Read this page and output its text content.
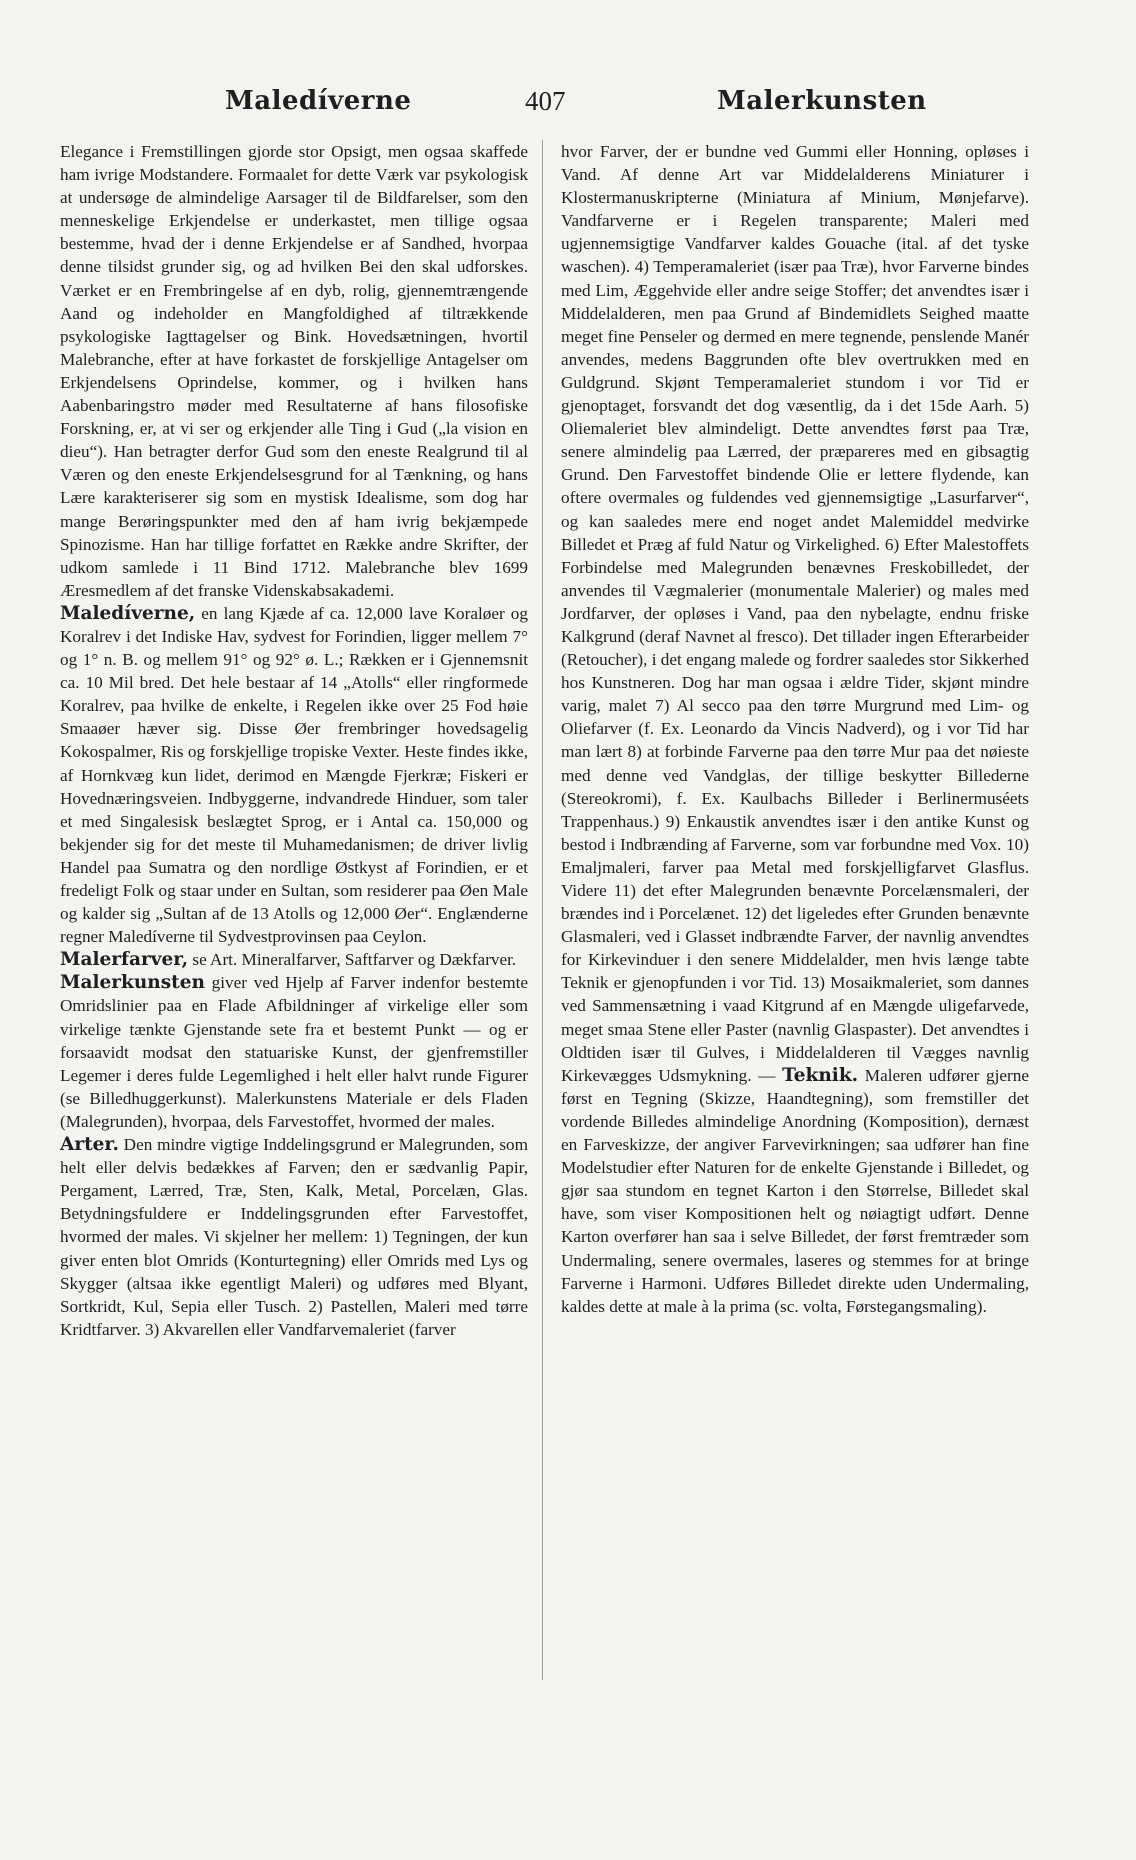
Maledíverne	407	Malerkunsten

Elegance i Fremstillingen gjorde stor Opsigt, men ogsaa skaffede ham ivrige Modstandere. Formaalet for dette Værk var psykologisk at undersøge de almindelige Aarsager til de Bildfarelser, som den menneskelige Erkjendelse er underkastet, men tillige ogsaa bestemme, hvad der i denne Erkjendelse er af Sandhed, hvorpaa denne tilsidst grunder sig, og ad hvilken Bei den skal udforskes. Værket er en Frembringelse af en dyb, rolig, gjennemtrængende Aand og indeholder en Mangfoldighed af tiltrækkende psykologiske Iagttagelser og Bink. Hovedsætningen, hvortil Malebranche, efter at have forkastet de forskjellige Antagelser om Erkjendelsens Oprindelse, kommer, og i hvilken hans Aabenbaringstro møder med Resultaterne af hans filosofiske Forskning, er, at vi ser og erkjender alle Ting i Gud („la vision en dieu“). Han betragter derfor Gud som den eneste Realgrund til al Væren og den eneste Erkjendelsesgrund for al Tænkning, og hans Lære karakteriserer sig som en mystisk Idealisme, som dog har mange Berøringspunkter med den af ham ivrig bekjæmpede Spinozisme. Han har tillige forfattet en Række andre Skrifter, der udkom samlede i 11 Bind 1712. Malebranche blev 1699 Æresmedlem af det franske Videnskabsakademi.

Maledíverne, en lang Kjæde af ca. 12,000 lave Koraløer og Koralrev i det Indiske Hav, sydvest for Forindien, ligger mellem 7° og 1° n. B. og mellem 91° og 92° ø. L.; Rækken er i Gjennemsnit ca. 10 Mil bred. Det hele bestaar af 14 „Atolls“ eller ringformede Koralrev, paa hvilke de enkelte, i Regelen ikke over 25 Fod høie Smaaøer hæver sig. Disse Øer frembringer hovedsagelig Kokospalmer, Ris og forskjellige tropiske Vexter. Heste findes ikke, af Hornkvæg kun lidet, derimod en Mængde Fjerkræ; Fiskeri er Hovednæringsveien. Indbyggerne, indvandrede Hinduer, som taler et med Singalesisk beslægtet Sprog, er i Antal ca. 150,000 og bekjender sig for det meste til Muhamedanismen; de driver livlig Handel paa Sumatra og den nordlige Østkyst af Forindien, er et fredeligt Folk og staar under en Sultan, som residerer paa Øen Male og kalder sig „Sultan af de 13 Atolls og 12,000 Øer“. Englænderne regner Maledíverne til Sydvestprovinsen paa Ceylon.

Malerfarver, se Art. Mineralfarver, Saftfarver og Dækfarver.

Malerkunsten giver ved Hjelp af Farver indenfor bestemte Omridslinier paa en Flade Afbildninger af virkelige eller som virkelige tænkte Gjenstande sete fra et bestemt Punkt — og er forsaavidt modsat den statuariske Kunst, der gjenfremstiller Legemer i deres fulde Legemlighed i helt eller halvt runde Figurer (se Billedhuggerkunst). Malerkunstens Materiale er dels Fladen (Malegrunden), hvorpaa, dels Farvestoffet, hvormed der males.

Arter. Den mindre vigtige Inddelingsgrund er Malegrunden, som helt eller delvis bedækkes af Farven; den er sædvanlig Papir, Pergament, Lærred, Træ, Sten, Kalk, Metal, Porcelæn, Glas. Betydningsfuldere er Inddelingsgrunden efter Farvestoffet, hvormed der males. Vi skjelner her mellem: 1) Tegningen, der kun giver enten blot Omrids (Konturtegning) eller Omrids med Lys og Skygger (altsaa ikke egentligt Maleri) og udføres med Blyant, Sortkridt, Kul, Sepia eller Tusch. 2) Pastellen, Maleri med tørre Kridtfarver. 3) Akvarellen eller Vandfarvemaleriet (farver

hvor Farver, der er bundne ved Gummi eller Honning, opløses i Vand. Af denne Art var Middelalderens Miniaturer i Klostermanuskripterne (Miniatura af Minium, Mønjefarve). Vandfarverne er i Regelen transparente; Maleri med ugjennemsigtige Vandfarver kaldes Gouache (ital. af det tyske waschen). 4) Temperamaleriet (især paa Træ), hvor Farverne bindes med Lim, Æggehvide eller andre seige Stoffer; det anvendtes især i Middelalderen, men paa Grund af Bindemidlets Seighed maatte meget fine Penseler og dermed en mere tegnende, penslende Manér anvendes, medens Baggrunden ofte blev overtrukken med en Guldgrund. Skjønt Temperamaleriet stundom i vor Tid er gjenoptaget, forsvandt det dog væsentlig, da i det 15de Aarh. 5) Oliemaleriet blev almindeligt. Dette anvendtes først paa Træ, senere almindelig paa Lærred, der præpareres med en gibsagtig Grund. Den Farvestoffet bindende Olie er lettere flydende, kan oftere overmales og fuldendes ved gjennemsigtige „Lasurfarver“, og kan saaledes mere end noget andet Malemiddel medvirke Billedet et Præg af fuld Natur og Virkelighed. 6) Efter Malestoffets Forbindelse med Malegrunden benævnes Freskobilledet, der anvendes til Vægmalerier (monumentale Malerier) og males med Jordfarver, der opløses i Vand, paa den nybelagte, endnu friske Kalkgrund (deraf Navnet al fresco). Det tillader ingen Efterarbeider (Retoucher), i det engang malede og fordrer saaledes stor Sikkerhed hos Kunstneren. Dog har man ogsaa i ældre Tider, skjønt mindre varig, malet 7) Al secco paa den tørre Murgrund med Lim- og Oliefarver (f. Ex. Leonardo da Vincis Nadverd), og i vor Tid har man lært 8) at forbinde Farverne paa den tørre Mur paa det nøieste med denne ved Vandglas, der tillige beskytter Billederne (Stereokromi), f. Ex. Kaulbachs Billeder i Berlinermuséets Trappenhaus.) 9) Enkaustik anvendtes især i den antike Kunst og bestod i Indbrænding af Farverne, som var forbundne med Vox. 10) Emaljmaleri, farver paa Metal med forskjelligfarvet Glasflus. Videre 11) det efter Malegrunden benævnte Porcelænsmaleri, der brændes ind i Porcelænet. 12) det ligeledes efter Grunden benævnte Glasmaleri, ved i Glasset indbrændte Farver, der navnlig anvendtes for Kirkevinduer i den senere Middelalder, men hvis længe tabte Teknik er gjenopfunden i vor Tid. 13) Mosaikmaleriet, som dannes ved Sammensætning i vaad Kitgrund af en Mængde uligefarvede, meget smaa Stene eller Paster (navnlig Glaspaster). Det anvendtes i Oldtiden især til Gulves, i Middelalderen til Vægges navnlig Kirkevægges Udsmykning. — Teknik. Maleren udfører gjerne først en Tegning (Skizze, Haandtegning), som fremstiller det vordende Billedes almindelige Anordning (Komposition), dernæst en Farveskizze, der angiver Farvevirkningen; saa udfører han fine Modelstudier efter Naturen for de enkelte Gjenstande i Billedet, og gjør saa stundom en tegnet Karton i den Størrelse, Billedet skal have, som viser Kompositionen helt og nøiagtigt udført. Denne Karton overfører han saa i selve Billedet, der først fremtræder som Undermaling, senere overmales, laseres og stemmes for at bringe Farverne i Harmoni. Udføres Billedet direkte uden Undermaling, kaldes dette at male à la prima (sc. volta, Førstegangsmaling).
